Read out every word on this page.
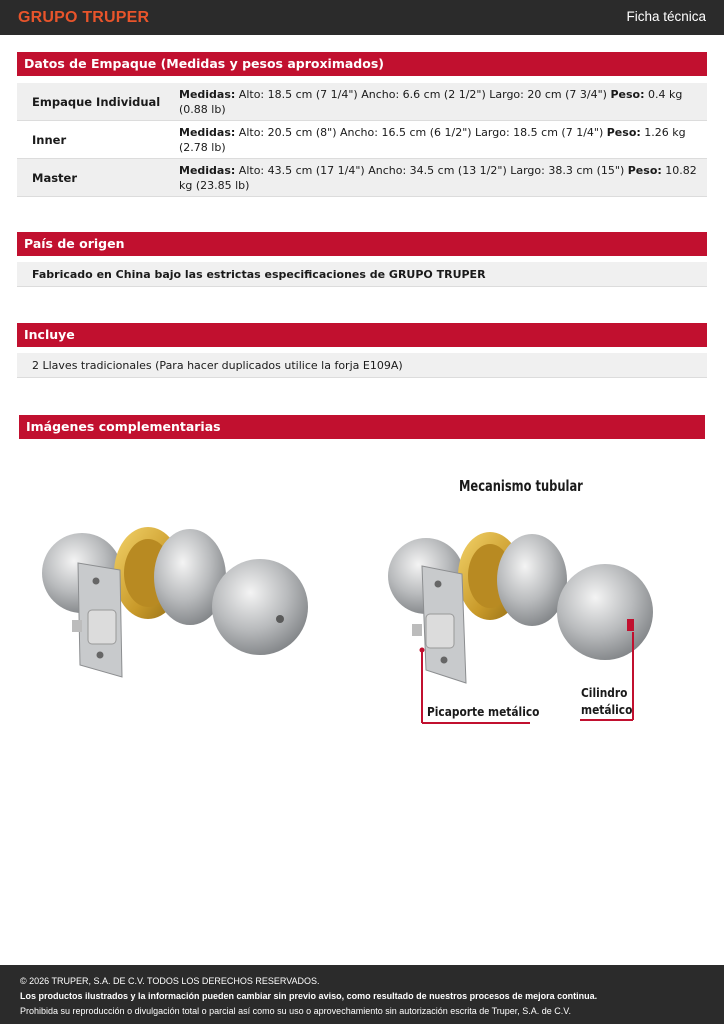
GRUPO TRUPER	Ficha técnica
Datos de Empaque (Medidas y pesos aproximados)
Empaque Individual
Medidas: Alto: 18.5 cm (7 1/4") Ancho: 6.6 cm (2 1/2") Largo: 20 cm (7 3/4") Peso: 0.4 kg (0.88 lb)
Inner
Medidas: Alto: 20.5 cm (8") Ancho: 16.5 cm (6 1/2") Largo: 18.5 cm (7 1/4") Peso: 1.26 kg (2.78 lb)
Master
Medidas: Alto: 43.5 cm (17 1/4") Ancho: 34.5 cm (13 1/2") Largo: 38.3 cm (15") Peso: 10.82 kg (23.85 lb)
País de origen
Fabricado en China bajo las estrictas especificaciones de GRUPO TRUPER
Incluye
2 Llaves tradicionales (Para hacer duplicados utilice la forja E109A)
Imágenes complementarias
Mecanismo tubular
Picaporte metálico
Cilindro
metálico
© 2026 TRUPER, S.A. DE C.V. TODOS LOS DERECHOS RESERVADOS.
Los productos ilustrados y la información pueden cambiar sin previo aviso, como resultado de nuestros procesos de mejora continua.
Prohibida su reproducción o divulgación total o parcial así como su uso o aprovechamiento sin autorización escrita de Truper, S.A. de C.V.
